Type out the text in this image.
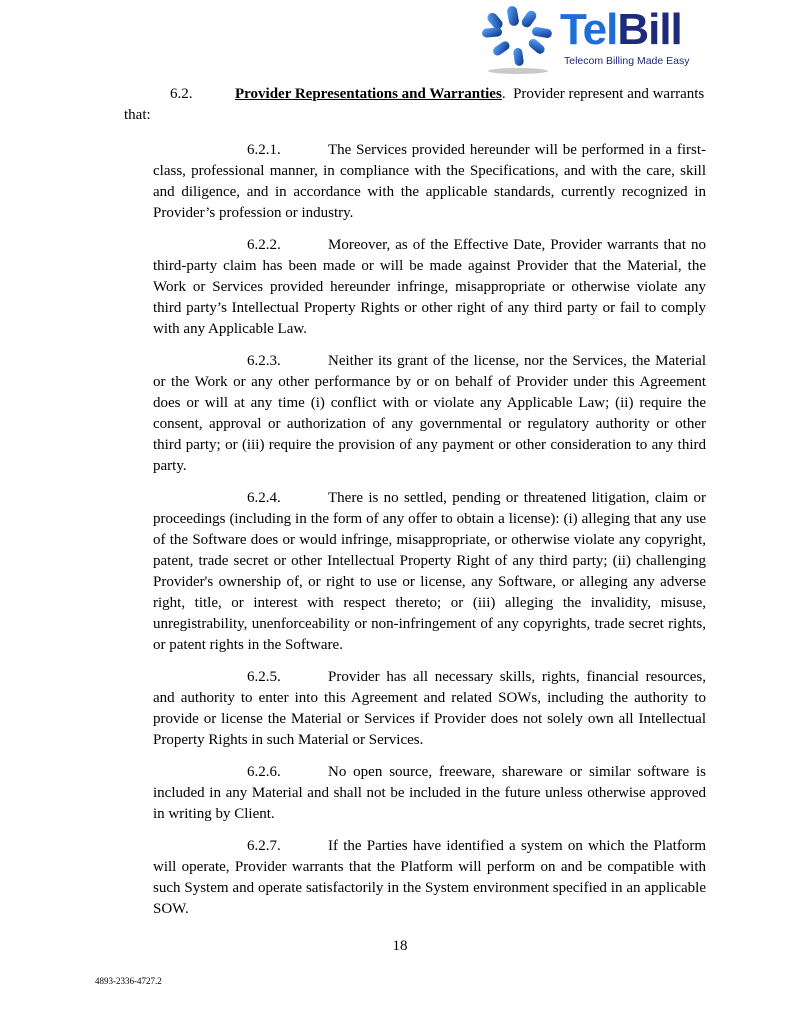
TelBill
Telecom Billing Made Easy

6.2.	Provider Representations and Warranties. Provider represent and warrants that:

6.2.1.	The Services provided hereunder will be performed in a first-class, professional manner, in compliance with the Specifications, and with the care, skill and diligence, and in accordance with the applicable standards, currently recognized in Provider’s profession or industry.

6.2.2.	Moreover, as of the Effective Date, Provider warrants that no third-party claim has been made or will be made against Provider that the Material, the Work or Services provided hereunder infringe, misappropriate or otherwise violate any third party’s Intellectual Property Rights or other right of any third party or fail to comply with any Applicable Law.

6.2.3.	Neither its grant of the license, nor the Services, the Material or the Work or any other performance by or on behalf of Provider under this Agreement does or will at any time (i) conflict with or violate any Applicable Law; (ii) require the consent, approval or authorization of any governmental or regulatory authority or other third party; or (iii) require the provision of any payment or other consideration to any third party.

6.2.4.	There is no settled, pending or threatened litigation, claim or proceedings (including in the form of any offer to obtain a license): (i) alleging that any use of the Software does or would infringe, misappropriate, or otherwise violate any copyright, patent, trade secret or other Intellectual Property Right of any third party; (ii) challenging Provider's ownership of, or right to use or license, any Software, or alleging any adverse right, title, or interest with respect thereto; or (iii) alleging the invalidity, misuse, unregistrability, unenforceability or non-infringement of any copyrights, trade secret rights, or patent rights in the Software.

6.2.5.	Provider has all necessary skills, rights, financial resources, and authority to enter into this Agreement and related SOWs, including the authority to provide or license the Material or Services if Provider does not solely own all Intellectual Property Rights in such Material or Services.

6.2.6.	No open source, freeware, shareware or similar software is included in any Material and shall not be included in the future unless otherwise approved in writing by Client.

6.2.7.	If the Parties have identified a system on which the Platform will operate, Provider warrants that the Platform will perform on and be compatible with such System and operate satisfactorily in the System environment specified in an applicable SOW.

18
4893-2336-4727.2
